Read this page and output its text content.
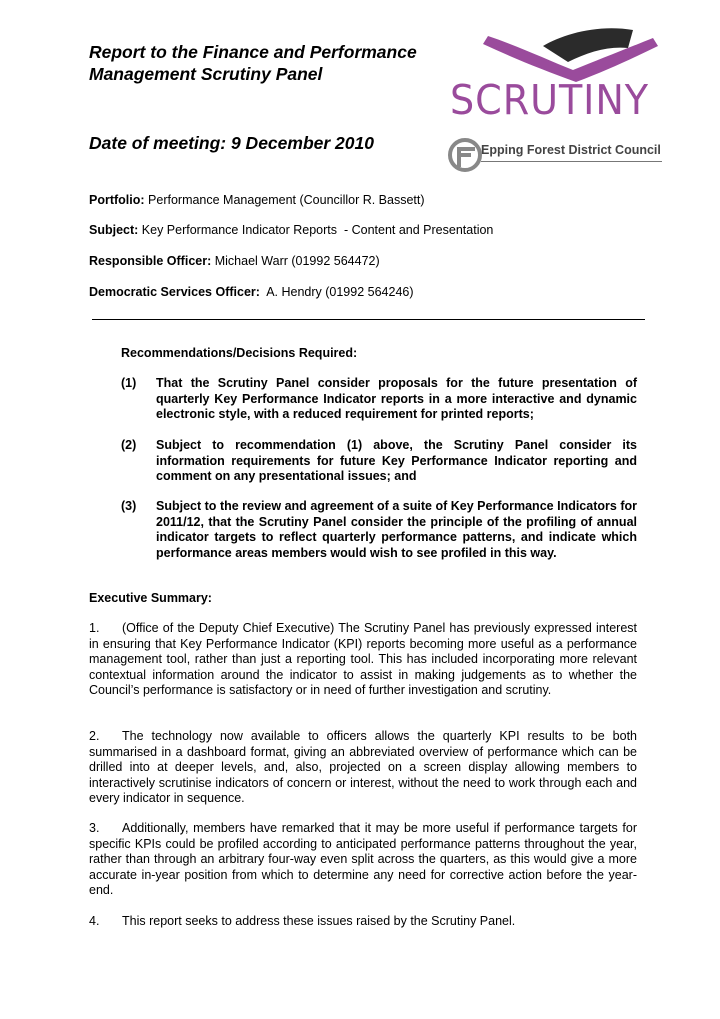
Report to the Finance and Performance Management Scrutiny Panel
Date of meeting: 9 December 2010
SCRUTINY
Epping Forest District Council
Portfolio: Performance Management (Councillor R. Bassett)
Subject: Key Performance Indicator Reports  - Content and Presentation
Responsible Officer: Michael Warr (01992 564472)
Democratic Services Officer: A. Hendry (01992 564246)
Recommendations/Decisions Required:
(1) That the Scrutiny Panel consider proposals for the future presentation of quarterly Key Performance Indicator reports in a more interactive and dynamic electronic style, with a reduced requirement for printed reports;
(2) Subject to recommendation (1) above, the Scrutiny Panel consider its information requirements for future Key Performance Indicator reporting and comment on any presentational issues; and
(3) Subject to the review and agreement of a suite of Key Performance Indicators for 2011/12, that the Scrutiny Panel consider the principle of the profiling of annual indicator targets to reflect quarterly performance patterns, and indicate which performance areas members would wish to see profiled in this way.
Executive Summary:
1. (Office of the Deputy Chief Executive) The Scrutiny Panel has previously expressed interest in ensuring that Key Performance Indicator (KPI) reports becoming more useful as a performance management tool, rather than just a reporting tool. This has included incorporating more relevant contextual information around the indicator to assist in making judgements as to whether the Council’s performance is satisfactory or in need of further investigation and scrutiny.
2. The technology now available to officers allows the quarterly KPI results to be both summarised in a dashboard format, giving an abbreviated overview of performance which can be drilled into at deeper levels, and, also, projected on a screen display allowing members to interactively scrutinise indicators of concern or interest, without the need to work through each and every indicator in sequence.
3. Additionally, members have remarked that it may be more useful if performance targets for specific KPIs could be profiled according to anticipated performance patterns throughout the year, rather than through an arbitrary four-way even split across the quarters, as this would give a more accurate in-year position from which to determine any need for corrective action before the year-end.
4. This report seeks to address these issues raised by the Scrutiny Panel.
